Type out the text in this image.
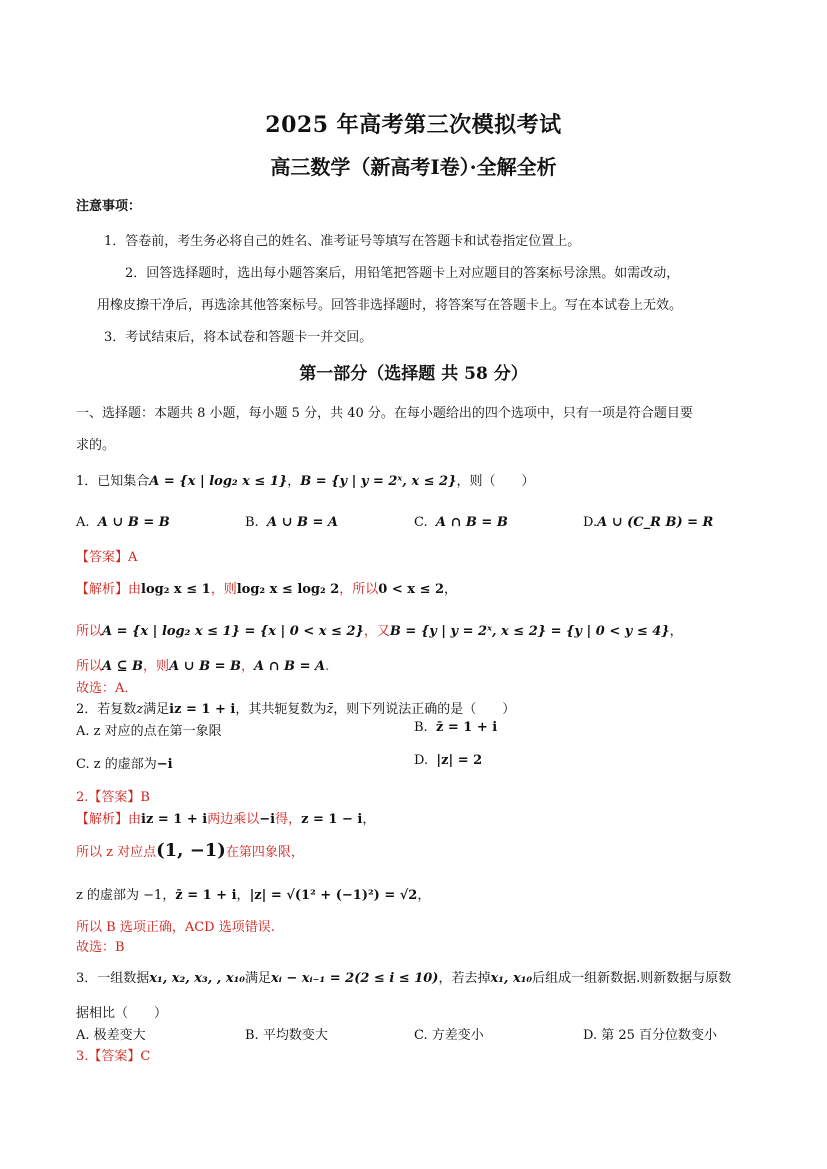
2025 年高考第三次模拟考试
高三数学（新高考Ⅰ卷）·全解全析
注意事项：
1．答卷前，考生务必将自己的姓名、准考证号等填写在答题卡和试卷指定位置上。
2．回答选择题时，选出每小题答案后，用铅笔把答题卡上对应题目的答案标号涂黑。如需改动，
用橡皮擦干净后，再选涂其他答案标号。回答非选择题时，将答案写在答题卡上。写在本试卷上无效。
3．考试结束后，将本试卷和答题卡一并交回。
第一部分（选择题 共 58 分）
一、选择题：本题共 8 小题，每小题 5 分，共 40 分。在每小题给出的四个选项中，只有一项是符合题目要
求的。
1．已知集合A = {x | log₂ x ≤ 1}，B = {y | y = 2ˣ, x ≤ 2}，则（　　）
A. A ∪ B = B	B. A ∪ B = A	C. A ∩ B = B	D.A ∪ (C_R B) = R
【答案】A
【解析】由log₂ x ≤ 1，则log₂ x ≤ log₂ 2，所以0 < x ≤ 2，
所以A = {x | log₂ x ≤ 1} = {x | 0 < x ≤ 2}，又B = {y | y = 2ˣ, x ≤ 2} = {y | 0 < y ≤ 4}，
所以A ⊆ B，则A ∪ B = B，A ∩ B = A.
故选：A．
2．若复数z满足iz = 1 + i，其共轭复数为z̄，则下列说法正确的是（　　）
A. z 对应的点在第一象限	B. z̄ = 1 + i
C. z 的虚部为−i	D. |z| = 2
2.【答案】B
【解析】由iz = 1 + i两边乘以−i得，z = 1 − i，
所以 z 对应点(1, −1)在第四象限，
z 的虚部为 −1，z̄ = 1 + i，|z| = √(1² + (−1)²) = √2，
所以 B 选项正确，ACD 选项错误.
故选：B
3．一组数据x₁, x₂, x₃, , x₁₀满足xᵢ − xᵢ₋₁ = 2(2 ≤ i ≤ 10)，若去掉x₁, x₁₀后组成一组新数据.则新数据与原数
据相比（　　）
A. 极差变大	B. 平均数变大	C. 方差变小	D. 第 25 百分位数变小
3.【答案】C
